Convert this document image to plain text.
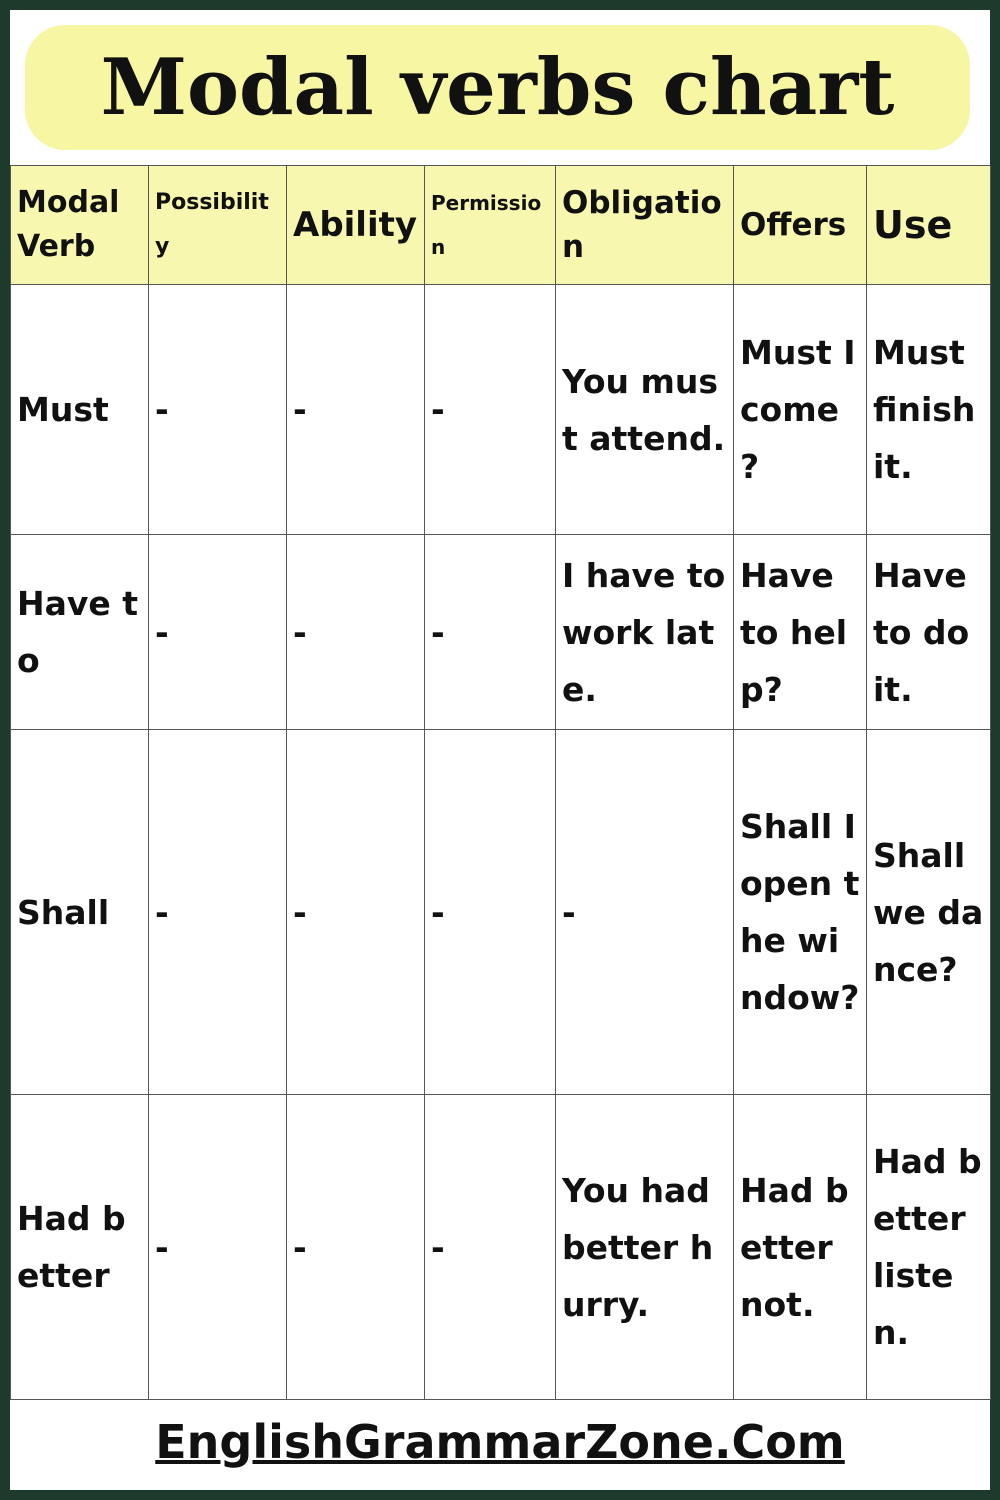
Modal verbs chart
Modal Verb	Possibility	Ability	Permission	Obligation	Offers	Use
Must	-	-	-	You must attend.	Must I come ?	Must finish it.
Have to	-	-	-	I have to work late.	Have to help?	Have to do it.
Shall	-	-	-	-	Shall I open the window?	Shall we dance?
Had better	-	-	-	You had better hurry.	Had better not.	Had better listen.
EnglishGrammarZone.Com
